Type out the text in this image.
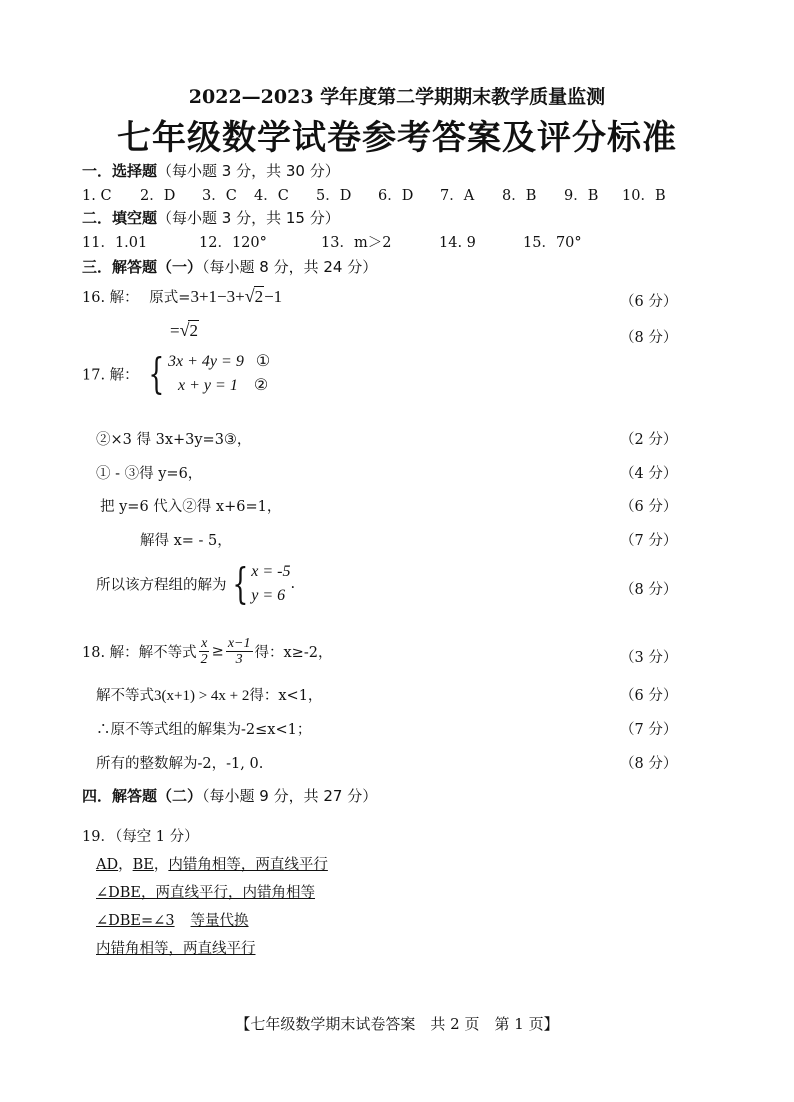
2022—2023 学年度第二学期期末教学质量监测
七年级数学试卷参考答案及评分标准
一．选择题（每小题 3 分，共 30 分）
1. C 2．D 3．C 4．C 5．D 6．D 7．A 8．B 9．B 10．B
二．填空题（每小题 3 分，共 15 分）
11．1.01	12．120°	13．m＞2	14. 9	15．70°
三．解答题（一）（每小题 8 分，共 24 分）
16. 解： 原式=3+1−3+ √ 2 −1	（6 分）
= √ 2	（8 分）
17. 解： { 3x + 4y = 9 ①
x + y = 1 ②
②×3 得 3x+3y=3③，	（2 分）
① - ③得 y=6，	（4 分）
把 y=6 代入②得 x+6=1，	（6 分）
解得 x= - 5，	（7 分）
所以该方程组的解为 { x = -5
y = 6
.	（8 分）
18. 解：解不等式 $\frac{x}{2} \ge \frac{x-1}{3}$ 得：x≥-2，	（3 分）
解不等式3(x+1) > 4x + 2得：x<1，	（6 分）
∴原不等式组的解集为-2≤x<1；	（7 分）
所有的整数解为-2，-1, 0.	（8 分）
四．解答题（二）（每小题 9 分，共 27 分）
19．（每空 1 分）
AD，BE，内错角相等，两直线平行
∠DBE，两直线平行，内错角相等
∠DBE=∠3 等量代换
内错角相等，两直线平行
【七年级数学期末试卷答案　共 2 页　第 1 页】
